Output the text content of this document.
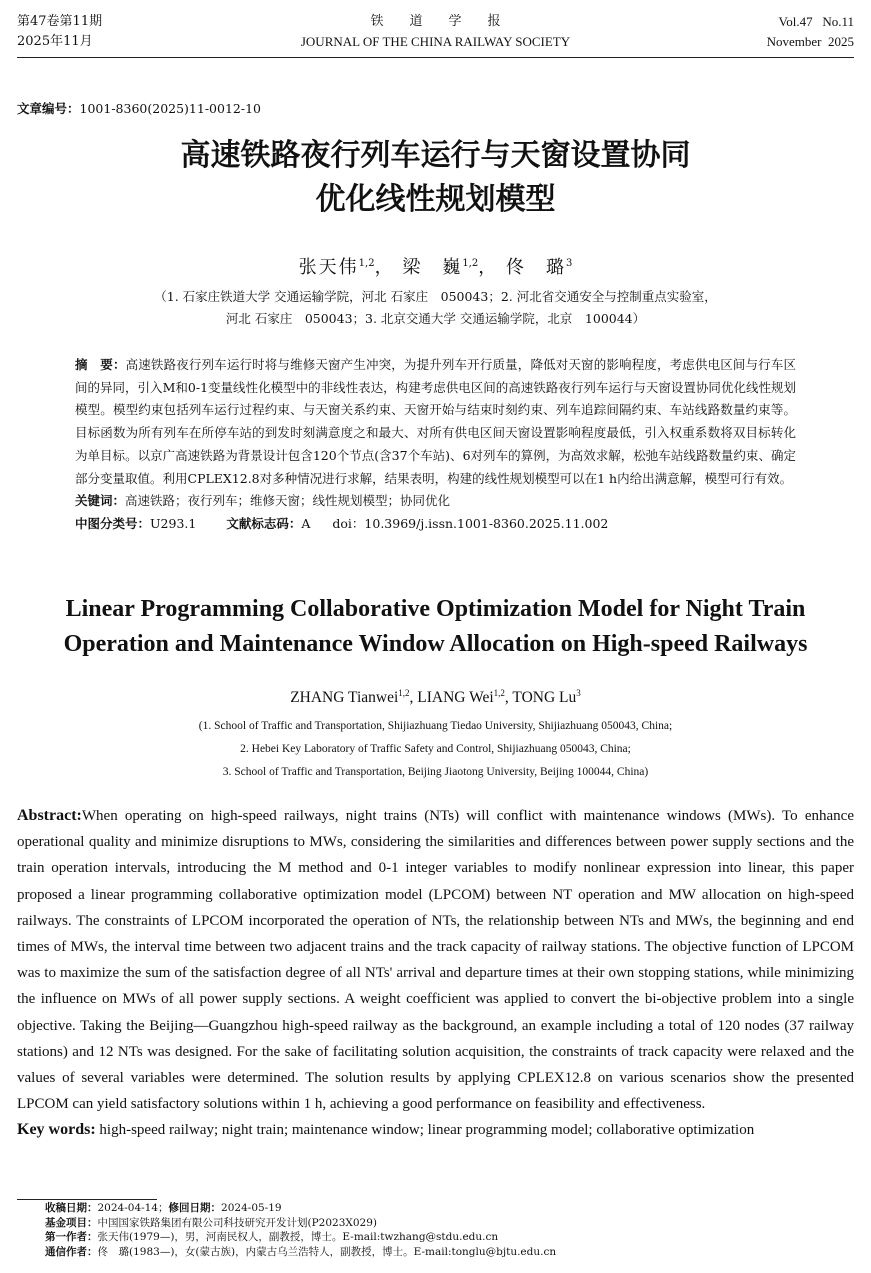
第47卷第11期
2025年11月
铁道学报
JOURNAL OF THE CHINA RAILWAY SOCIETY
Vol.47   No.11
November  2025
文章编号：1001-8360(2025)11-0012-10
高速铁路夜行列车运行与天窗设置协同
优化线性规划模型
张天伟$^{1,2}$， 梁　巍$^{1,2}$， 佟　璐$^3$
（1. 石家庄铁道大学 交通运输学院，河北 石家庄　050043；2. 河北省交通安全与控制重点实验室，
河北 石家庄　050043；3. 北京交通大学 交通运输学院，北京　100044）

摘　要：高速铁路夜行列车运行时将与维修天窗产生冲突，为提升列车开行质量，降低对天窗的影响程度，考虑供电区间与行车区间的异同，引入M和0-1变量线性化模型中的非线性表达，构建考虑供电区间的高速铁路夜行列车运行与天窗设置协同优化线性规划模型。模型约束包括列车运行过程约束、与天窗关系约束、天窗开始与结束时刻约束、列车追踪间隔约束、车站线路数量约束等。目标函数为所有列车在所停车站的到发时刻满意度之和最大、对所有供电区间天窗设置影响程度最低，引入权重系数将双目标转化为单目标。以京广高速铁路为背景设计包含120个节点(含37个车站)、6对列车的算例，为高效求解，松弛车站线路数量约束、确定部分变量取值。利用CPLEX12.8对多种情况进行求解，结果表明，构建的线性规划模型可以在1 h内给出满意解，模型可行有效。

关键词：高速铁路；夜行列车；维修天窗；线性规划模型；协同优化

中图分类号：U293.1 文献标志码：A doi：10.3969/j.issn.1001-8360.2025.11.002

Linear Programming Collaborative Optimization Model for Night Train
Operation and Maintenance Window Allocation on High-speed Railways
ZHANG Tianwei$^{1,2}$, LIANG Wei$^{1,2}$, TONG Lu$^3$
(1. School of Traffic and Transportation, Shijiazhuang Tiedao University, Shijiazhuang 050043, China;
2. Hebei Key Laboratory of Traffic Safety and Control, Shijiazhuang 050043, China;
3. School of Traffic and Transportation, Beijing Jiaotong University, Beijing 100044, China)

Abstract:When operating on high-speed railways, night trains (NTs) will conflict with maintenance windows (MWs). To enhance operational quality and minimize disruptions to MWs, considering the similarities and differences between power supply sections and the train operation intervals, introducing the M method and 0-1 integer variables to modify nonlinear expression into linear, this paper proposed a linear programming collaborative optimization model (LPCOM) between NT operation and MW allocation on high-speed railways. The constraints of LPCOM incorporated the operation of NTs, the relationship between NTs and MWs, the beginning and end times of MWs, the interval time between two adjacent trains and the track capacity of railway stations. The objective function of LPCOM was to maximize the sum of the satisfaction degree of all NTs' arrival and departure times at their own stopping stations, while minimizing the influence on MWs of all power supply sections. A weight coefficient was applied to convert the bi-objective problem into a single objective. Taking the Beijing—Guangzhou high-speed railway as the background, an example including a total of 120 nodes (37 railway stations) and 12 NTs was designed. For the sake of facilitating solution acquisition, the constraints of track capacity were relaxed and the values of several variables were determined. The solution results by applying CPLEX12.8 on various scenarios show the presented LPCOM can yield satisfactory solutions within 1 h, achieving a good performance on feasibility and effectiveness.

Key words: high-speed railway; night train; maintenance window; linear programming model; collaborative optimization

收稿日期：2024-04-14；修回日期：2024-05-19
基金项目：中国国家铁路集团有限公司科技研究开发计划(P2023X029)
第一作者：张天伟(1979—)，男，河南民权人，副教授，博士。E-mail:twzhang@stdu.edu.cn
通信作者：佟　璐(1983—)，女(蒙古族)，内蒙古乌兰浩特人，副教授，博士。E-mail:tonglu@bjtu.edu.cn
